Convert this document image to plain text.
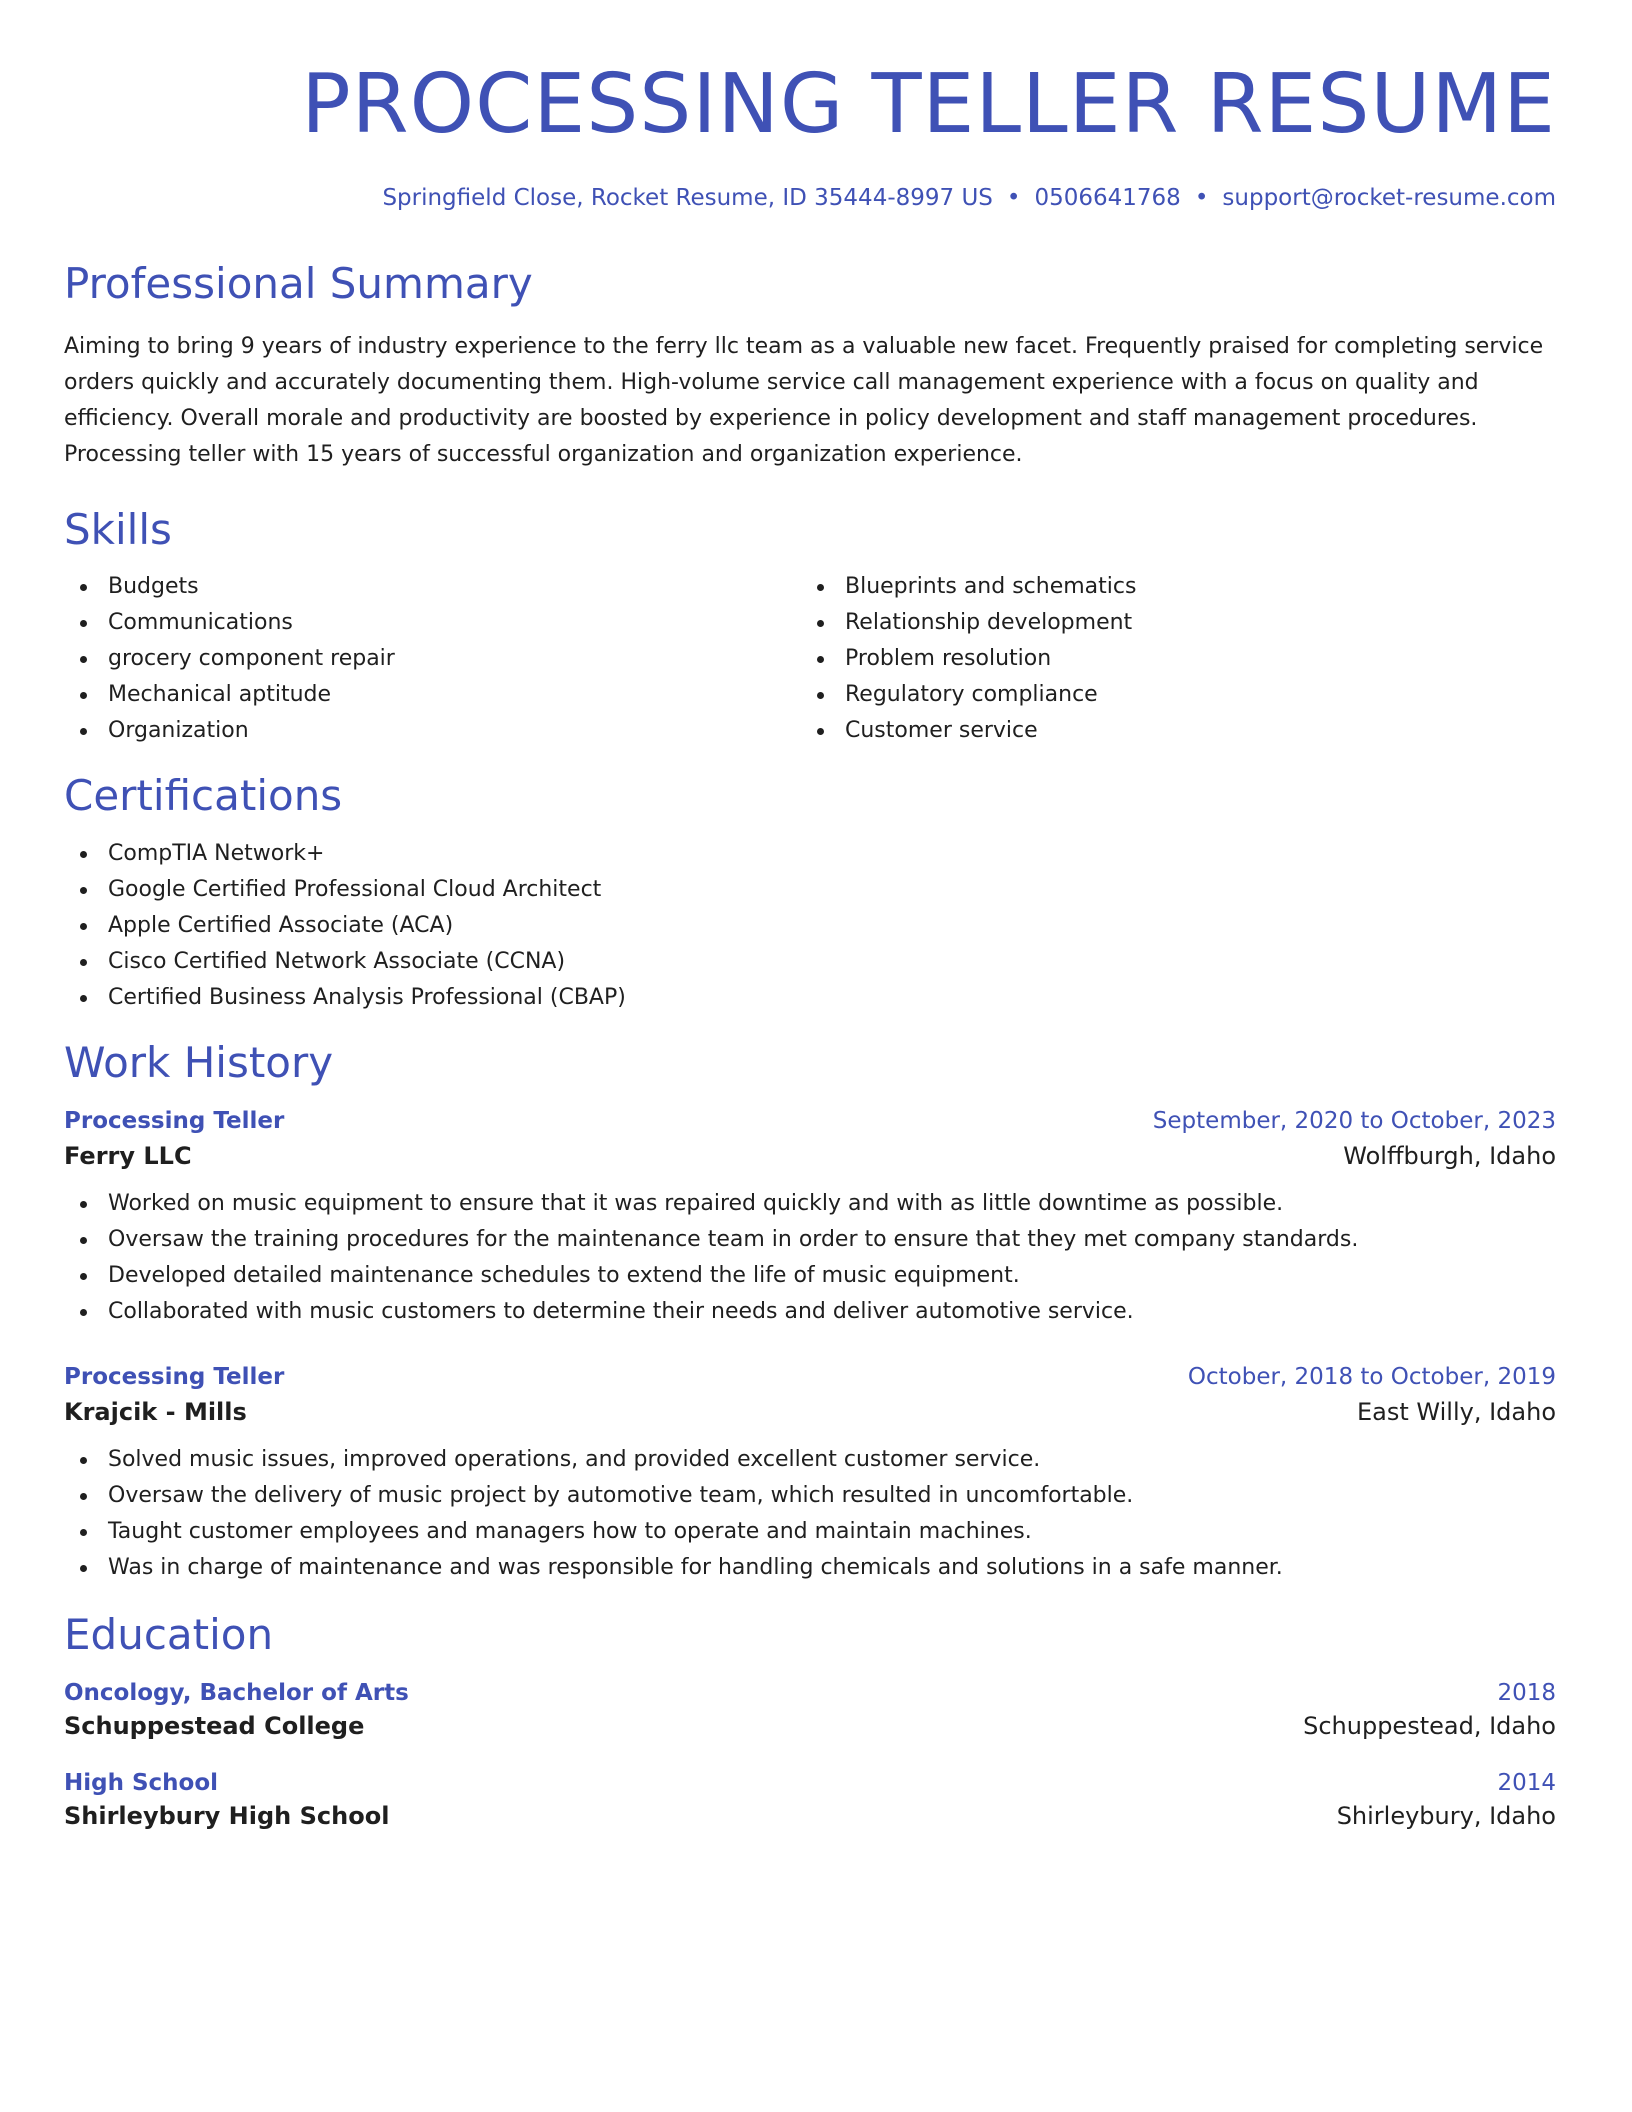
PROCESSING TELLER RESUME
Springfield Close, Rocket Resume, ID 35444-8997 US • 0506641768 • support@rocket-resume.com
Professional Summary

Aiming to bring 9 years of industry experience to the ferry llc team as a valuable new facet. Frequently praised for completing service orders quickly and accurately documenting them. High-volume service call management experience with a focus on quality and efficiency. Overall morale and productivity are boosted by experience in policy development and staff management procedures. Processing teller with 15 years of successful organization and organization experience.

Skills
Budgets
Communications
grocery component repair
Mechanical aptitude
Organization
Blueprints and schematics
Relationship development
Problem resolution
Regulatory compliance
Customer service
Certifications
CompTIA Network+
Google Certified Professional Cloud Architect
Apple Certified Associate (ACA)
Cisco Certified Network Associate (CCNA)
Certified Business Analysis Professional (CBAP)
Work History
Processing Teller	September, 2020 to October, 2023
Ferry LLC	Wolffburgh, Idaho
Worked on music equipment to ensure that it was repaired quickly and with as little downtime as possible.
Oversaw the training procedures for the maintenance team in order to ensure that they met company standards.
Developed detailed maintenance schedules to extend the life of music equipment.
Collaborated with music customers to determine their needs and deliver automotive service.
Processing Teller	October, 2018 to October, 2019
Krajcik - Mills	East Willy, Idaho
Solved music issues, improved operations, and provided excellent customer service.
Oversaw the delivery of music project by automotive team, which resulted in uncomfortable.
Taught customer employees and managers how to operate and maintain machines.
Was in charge of maintenance and was responsible for handling chemicals and solutions in a safe manner.
Education
Oncology, Bachelor of Arts	2018
Schuppestead College	Schuppestead, Idaho
High School	2014
Shirleybury High School	Shirleybury, Idaho
